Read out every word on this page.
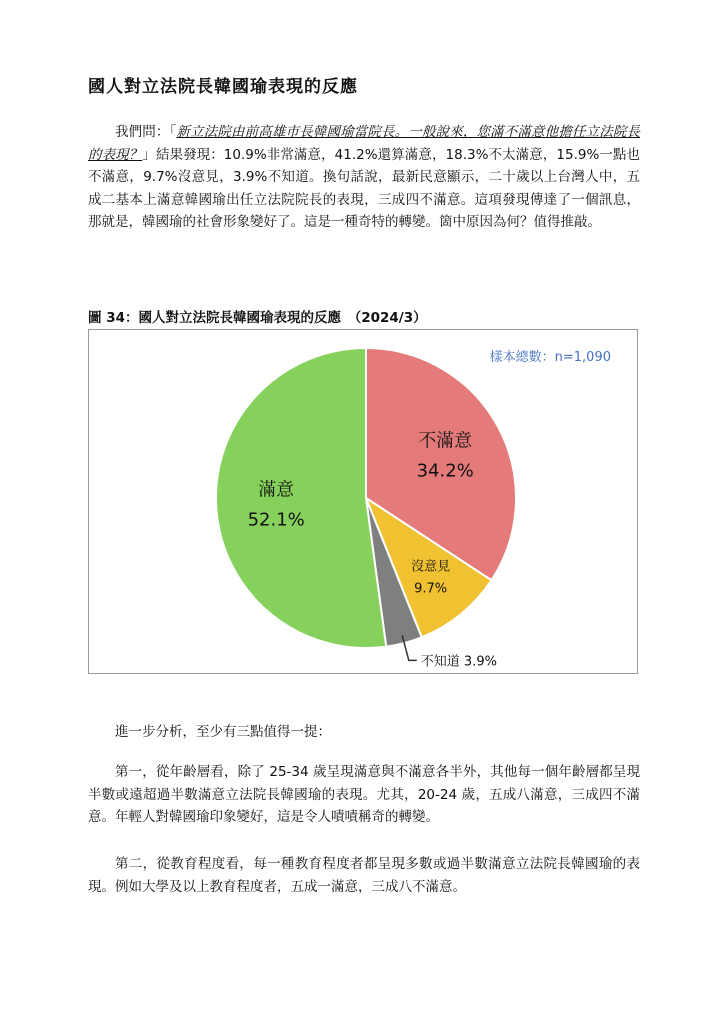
國人對立法院長韓國瑜表現的反應

我們問：「新立法院由前高雄市長韓國瑜當院長。一般說來，您滿不滿意他擔任立法院長的表現？」結果發現：10.9%非常滿意，41.2%還算滿意，18.3%不太滿意，15.9%一點也不滿意，9.7%沒意見，3.9%不知道。換句話說，最新民意顯示，二十歲以上台灣人中，五成二基本上滿意韓國瑜出任立法院院長的表現，三成四不滿意。這項發現傳達了一個訊息，那就是，韓國瑜的社會形象變好了。這是一種奇特的轉變。箇中原因為何？值得推敲。

圖 34：國人對立法院長韓國瑜表現的反應　（2024/3）
樣本總數：n=1,090
不滿意
34.2%
沒意見
9.7%
不知道 3.9%
滿意
52.1%

進一步分析，至少有三點值得一提：

第一，從年齡層看，除了 25-34 歲呈現滿意與不滿意各半外，其他每一個年齡層都呈現半數或遠超過半數滿意立法院長韓國瑜的表現。尤其，20-24 歲，五成八滿意，三成四不滿意。年輕人對韓國瑜印象變好，這是令人嘖嘖稱奇的轉變。

第二，從教育程度看，每一種教育程度者都呈現多數或過半數滿意立法院長韓國瑜的表現。例如大學及以上教育程度者，五成一滿意，三成八不滿意。
